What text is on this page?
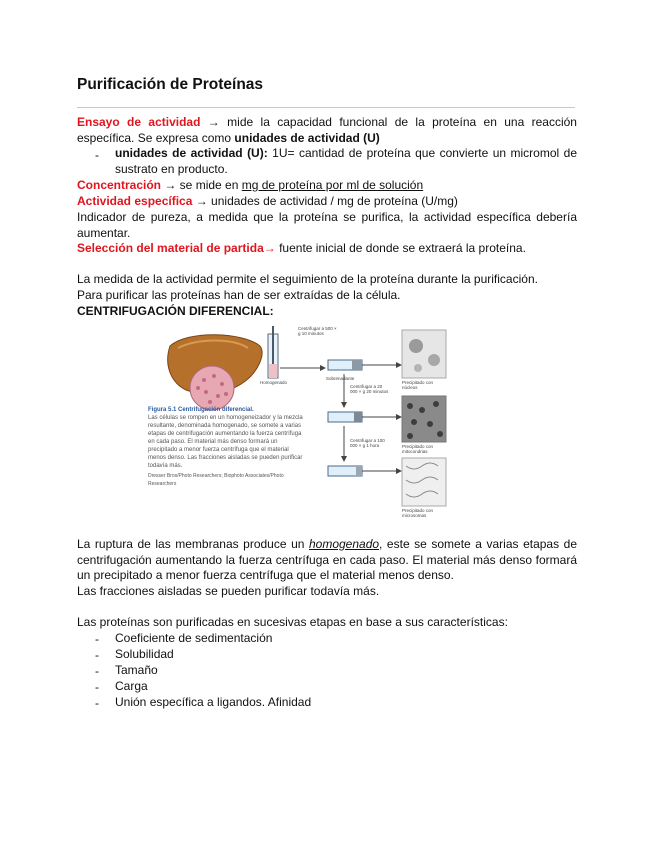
Purificación de Proteínas
Ensayo de actividad → mide la capacidad funcional de la proteína en una reacción específica. Se expresa como unidades de actividad (U)
- unidades de actividad (U): 1U= cantidad de proteína que convierte un micromol de sustrato en producto.
Concentración → se mide en mg de proteína por ml de solución
Actividad específica → unidades de actividad / mg de proteína (U/mg)
Indicador de pureza, a medida que la proteína se purifica, la actividad específica debería aumentar.
Selección del material de partida→ fuente inicial de donde se extraerá la proteína.
La medida de la actividad permite el seguimiento de la proteína durante la purificación.
Para purificar las proteínas han de ser extraídas de la célula.
CENTRIFUGACIÓN DIFERENCIAL:
Figura 5.1 Centrifugación diferencial.
Las células se rompen en un homogeneizador y la mezcla resultante, denominada homogenado, se somete a varias etapas de centrifugación aumentando la fuerza centrífuga en cada paso. El material más denso formará un precipitado a menor fuerza centrífuga que el material menos denso. Las fracciones aisladas se pueden purificar todavía más.
Dresser Bros/Photo Researchers; Biophoto Associates/Photo Researchers
Centrifugar a 500 × g 10 minutos
Sobrenadante
Centrifugar a 20 000 × g 20 minutos
Centrifugar a 100 000 × g 1 hora
Precipitado con núcleos
Precipitado con mitocondrias
Precipitado con microsomas
Homogenado
La ruptura de las membranas produce un homogenado, este se somete a varias etapas de centrifugación aumentando la fuerza centrífuga en cada paso. El material más denso formará un precipitado a menor fuerza centrífuga que el material menos denso.
Las fracciones aisladas se pueden purificar todavía más.
Las proteínas son purificadas en sucesivas etapas en base a sus características:
- Coeficiente de sedimentación
- Solubilidad
- Tamaño
- Carga
- Unión específica a ligandos. Afinidad
